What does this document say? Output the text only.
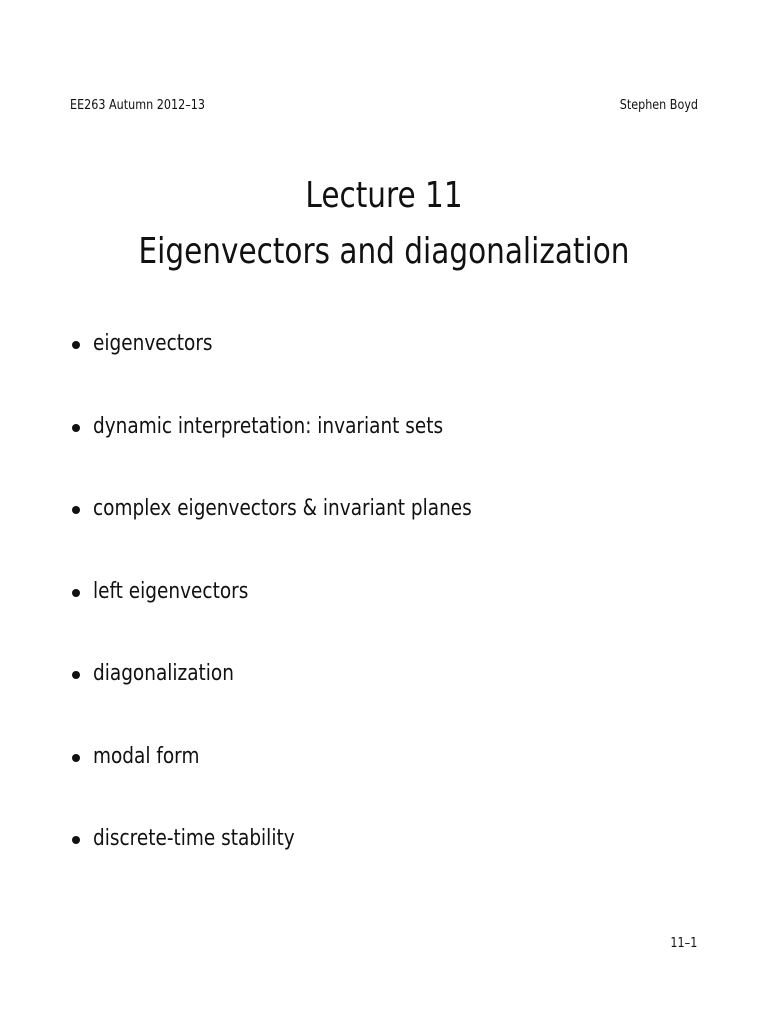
EE263 Autumn 2012–13	Stephen Boyd
Lecture 11
Eigenvectors and diagonalization
eigenvectors
dynamic interpretation: invariant sets
complex eigenvectors & invariant planes
left eigenvectors
diagonalization
modal form
discrete-time stability
11–1
